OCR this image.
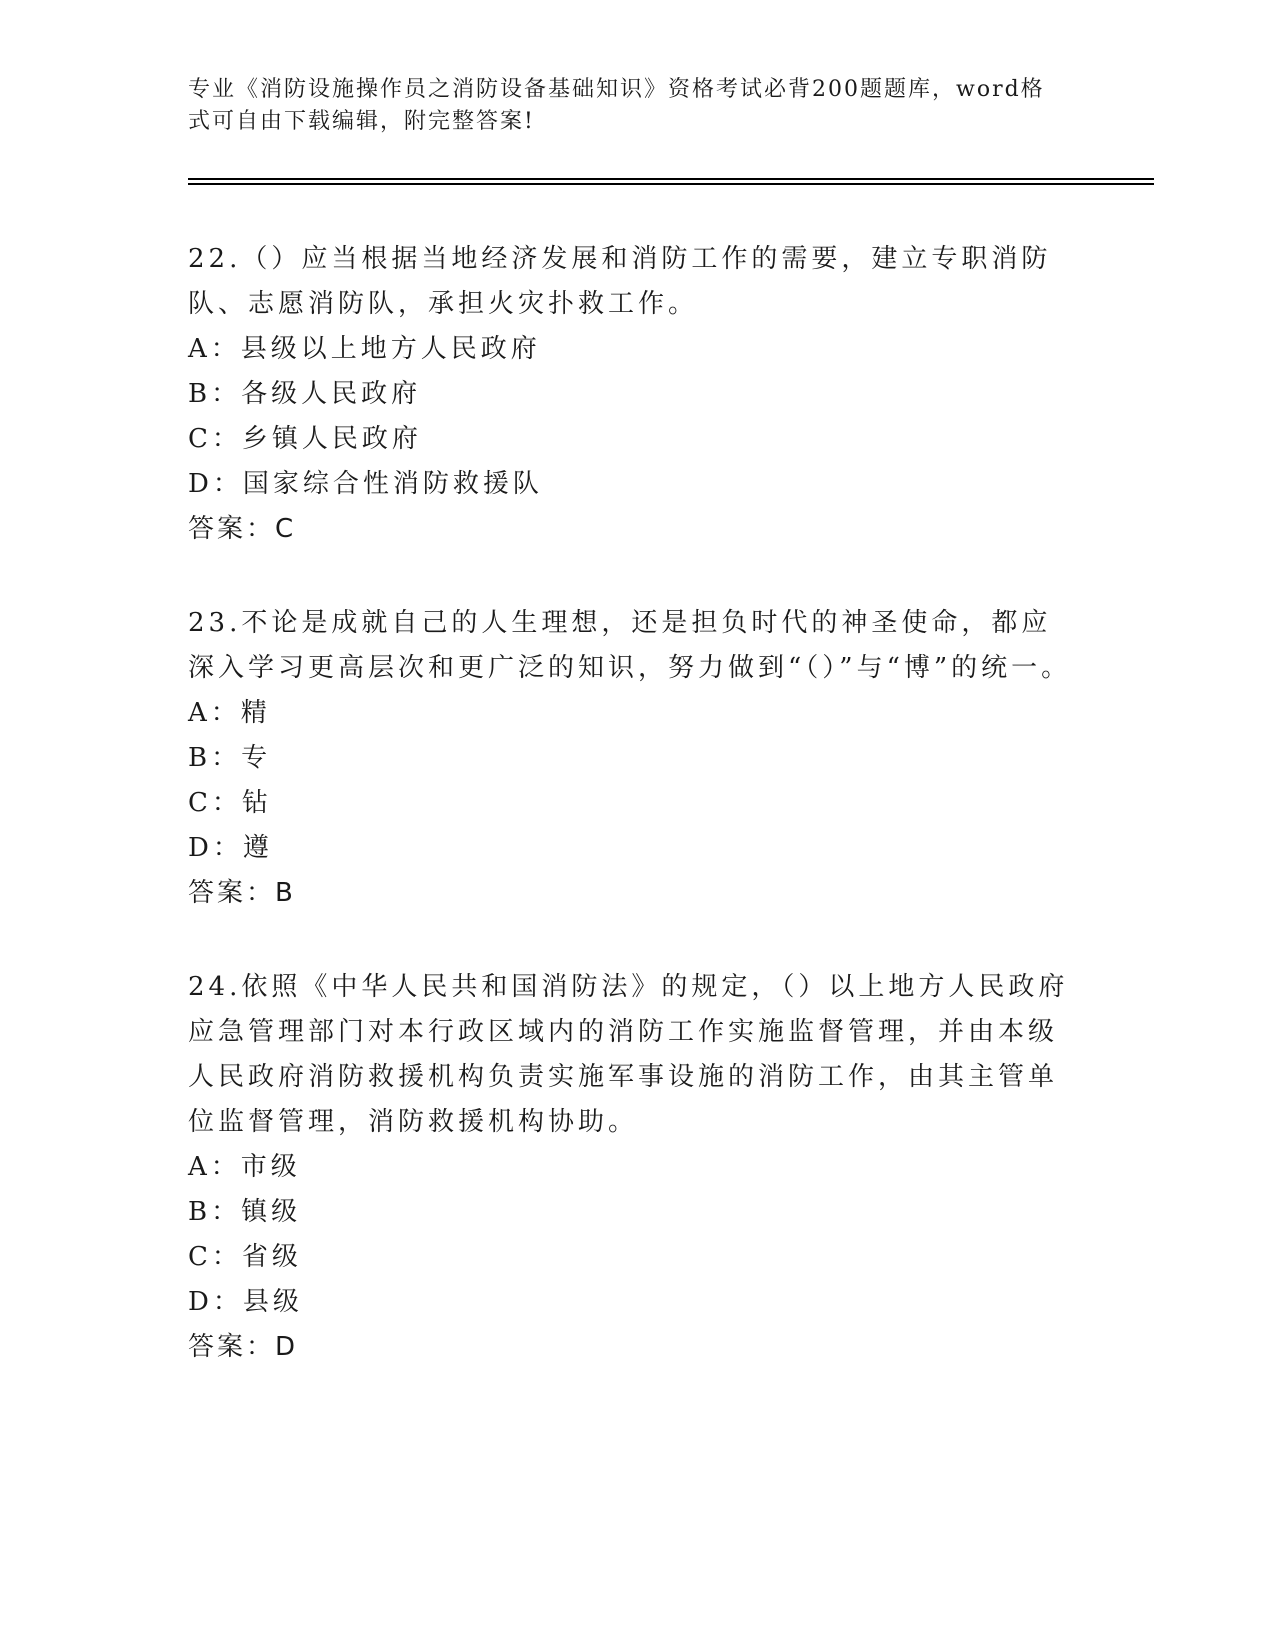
专业《消防设施操作员之消防设备基础知识》资格考试必背200题题库，word格式可自由下载编辑，附完整答案!

22.（）应当根据当地经济发展和消防工作的需要，建立专职消防队、志愿消防队，承担火灾扑救工作。

A：县级以上地方人民政府

B：各级人民政府

C：乡镇人民政府

D：国家综合性消防救援队

答案：C

23.不论是成就自己的人生理想，还是担负时代的神圣使命，都应深入学习更高层次和更广泛的知识，努力做到“（）”与“博”的统一。

A：精

B：专

C：钻

D：遵

答案：B

24.依照《中华人民共和国消防法》的规定，（）以上地方人民政府应急管理部门对本行政区域内的消防工作实施监督管理，并由本级人民政府消防救援机构负责实施军事设施的消防工作，由其主管单位监督管理，消防救援机构协助。

A：市级

B：镇级

C：省级

D：县级

答案：D
